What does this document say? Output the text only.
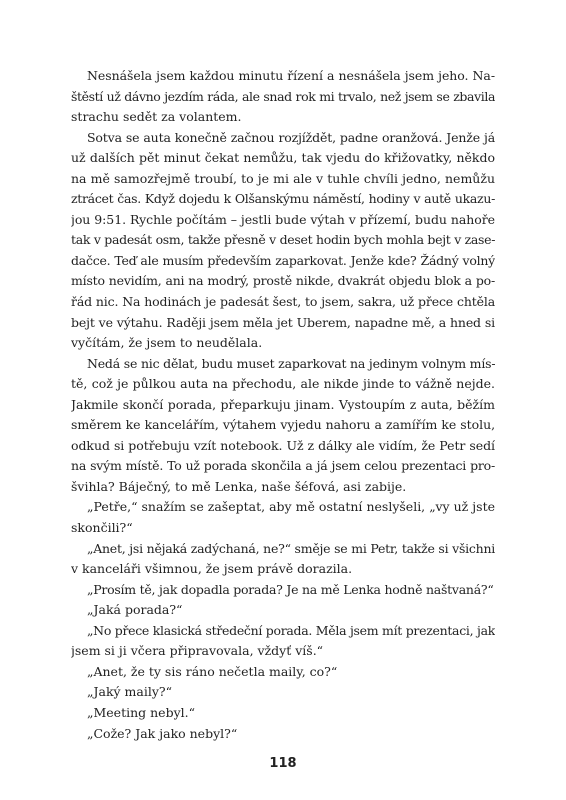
Nesnášela jsem každou minutu řízení a nesnášela jsem jeho. Na-
štěstí už dávno jezdím ráda, ale snad rok mi trvalo, než jsem se zbavila
strachu sedět za volantem.
Sotva se auta konečně začnou rozjíždět, padne oranžová. Jenže já
už dalších pět minut čekat nemůžu, tak vjedu do křižovatky, někdo
na mě samozřejmě troubí, to je mi ale v tuhle chvíli jedno, nemůžu
ztrácet čas. Když dojedu k Olšanskýmu náměstí, hodiny v autě ukazu-
jou 9:51. Rychle počítám – jestli bude výtah v přízemí, budu nahoře
tak v padesát osm, takže přesně v deset hodin bych mohla bejt v zase-
dačce. Teď ale musím především zaparkovat. Jenže kde? Žádný volný
místo nevidím, ani na modrý, prostě nikde, dvakrát objedu blok a po-
řád nic. Na hodinách je padesát šest, to jsem, sakra, už přece chtěla
bejt ve výtahu. Raději jsem měla jet Uberem, napadne mě, a hned si
vyčítám, že jsem to neudělala.
Nedá se nic dělat, budu muset zaparkovat na jedinym volnym mís-
tě, což je půlkou auta na přechodu, ale nikde jinde to vážně nejde.
Jakmile skončí porada, přeparkuju jinam. Vystoupím z auta, běžím
směrem ke kancelářím, výtahem vyjedu nahoru a zamířím ke stolu,
odkud si potřebuju vzít notebook. Už z dálky ale vidím, že Petr sedí
na svým místě. To už porada skončila a já jsem celou prezentaci pro-
švihla? Báječný, to mě Lenka, naše šéfová, asi zabije.
„Petře,“ snažím se zašeptat, aby mě ostatní neslyšeli, „vy už jste
skončili?“
„Anet, jsi nějaká zadýchaná, ne?“ směje se mi Petr, takže si všichni
v kanceláři všimnou, že jsem právě dorazila.
„Prosím tě, jak dopadla porada? Je na mě Lenka hodně naštvaná?“
„Jaká porada?“
„No přece klasická středeční porada. Měla jsem mít prezentaci, jak
jsem si ji včera připravovala, vždyť víš.“
„Anet, že ty sis ráno nečetla maily, co?“
„Jaký maily?“
„Meeting nebyl.“
„Cože? Jak jako nebyl?“
118
